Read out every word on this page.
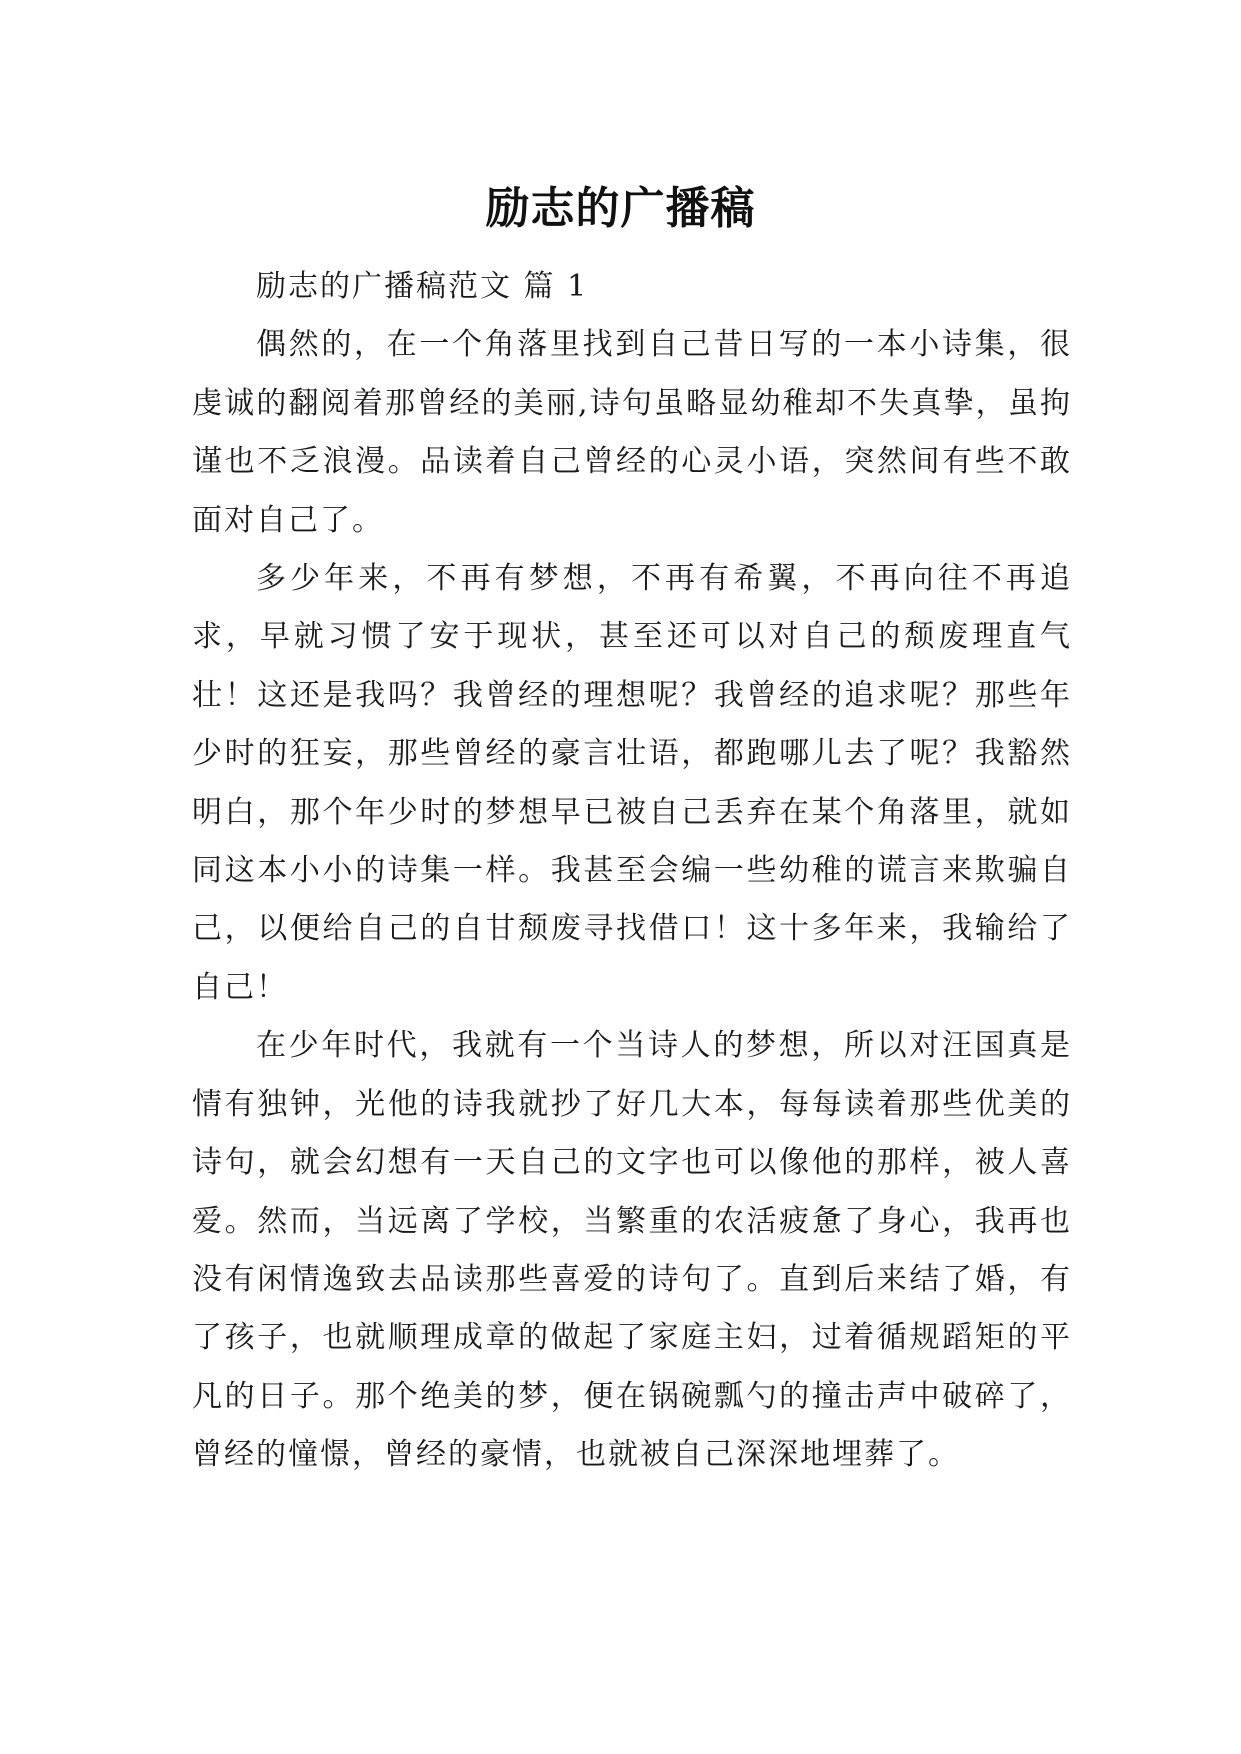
励志的广播稿
励志的广播稿范文 篇 1

偶然的，在一个角落里找到自己昔日写的一本小诗集，很虔诚的翻阅着那曾经的美丽,诗句虽略显幼稚却不失真挚，虽拘谨也不乏浪漫。品读着自己曾经的心灵小语，突然间有些不敢面对自己了。

多少年来，不再有梦想，不再有希翼，不再向往不再追求，早就习惯了安于现状，甚至还可以对自己的颓废理直气壮！这还是我吗？我曾经的理想呢？我曾经的追求呢？那些年少时的狂妄，那些曾经的豪言壮语，都跑哪儿去了呢？我豁然明白，那个年少时的梦想早已被自己丢弃在某个角落里，就如同这本小小的诗集一样。我甚至会编一些幼稚的谎言来欺骗自己，以便给自己的自甘颓废寻找借口！这十多年来，我输给了自己！

在少年时代，我就有一个当诗人的梦想，所以对汪国真是情有独钟，光他的诗我就抄了好几大本，每每读着那些优美的诗句，就会幻想有一天自己的文字也可以像他的那样，被人喜爱。然而，当远离了学校，当繁重的农活疲惫了身心，我再也没有闲情逸致去品读那些喜爱的诗句了。直到后来结了婚，有了孩子，也就顺理成章的做起了家庭主妇，过着循规蹈矩的平凡的日子。那个绝美的梦，便在锅碗瓢勺的撞击声中破碎了，曾经的憧憬，曾经的豪情，也就被自己深深地埋葬了。
